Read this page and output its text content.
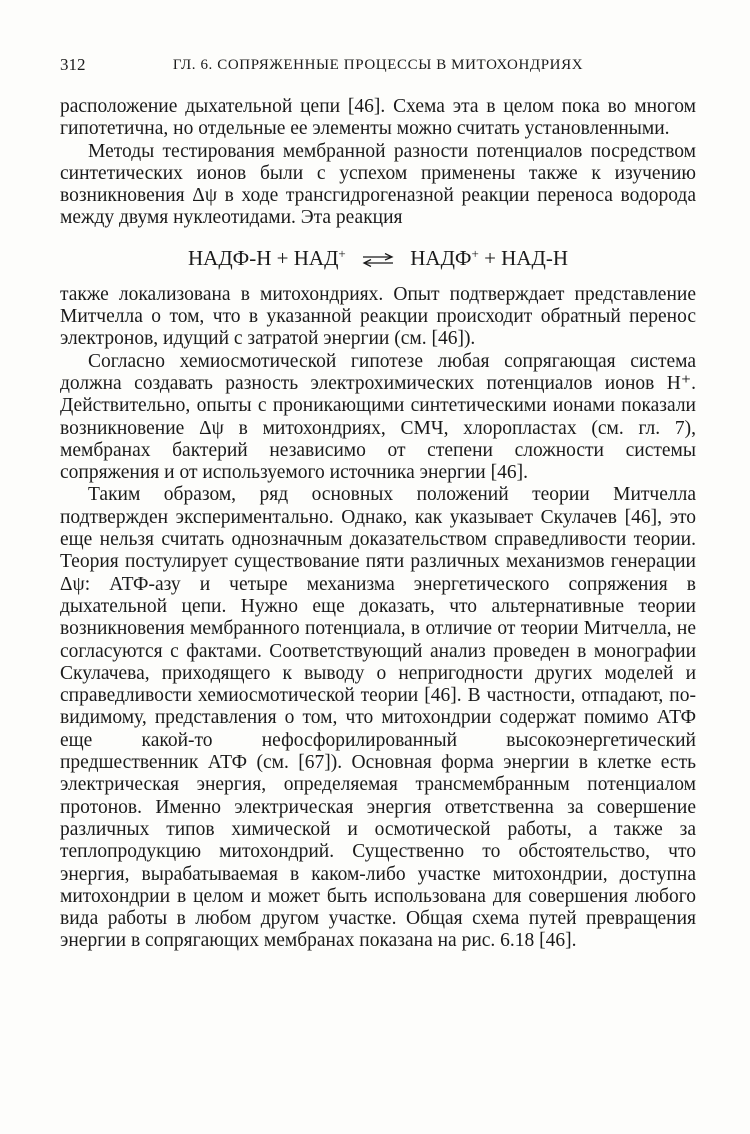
312	ГЛ. 6. СОПРЯЖЕННЫЕ ПРОЦЕССЫ В МИТОХОНДРИЯХ

расположение дыхательной цепи [46]. Схема эта в целом пока во многом гипотетична, но отдельные ее элементы можно считать установленными.

Методы тестирования мембранной разности потенциалов посредством синтетических ионов были с успехом применены также к изучению возникновения Δψ в ходе трансгидрогеназной реакции переноса водорода между двумя нуклеотидами. Эта реакция

НАДФ-Н + НАД+ ⇌ НАДФ+ + НАД-Н

также локализована в митохондриях. Опыт подтверждает представление Митчелла о том, что в указанной реакции происходит обратный перенос электронов, идущий с затратой энергии (см. [46]).

Согласно хемиосмотической гипотезе любая сопрягающая система должна создавать разность электрохимических потенциалов ионов H⁺. Действительно, опыты с проникающими синтетическими ионами показали возникновение Δψ в митохондриях, СМЧ, хлоропластах (см. гл. 7), мембранах бактерий независимо от степени сложности системы сопряжения и от используемого источника энергии [46].

Таким образом, ряд основных положений теории Митчелла подтвержден экспериментально. Однако, как указывает Скулачев [46], это еще нельзя считать однозначным доказательством справедливости теории. Теория постулирует существование пяти различных механизмов генерации Δψ: АТФ-азу и четыре механизма энергетического сопряжения в дыхательной цепи. Нужно еще доказать, что альтернативные теории возникновения мембранного потенциала, в отличие от теории Митчелла, не согласуются с фактами. Соответствующий анализ проведен в монографии Скулачева, приходящего к выводу о непригодности других моделей и справедливости хемиосмотической теории [46]. В частности, отпадают, по-видимому, представления о том, что митохондрии содержат помимо АТФ еще какой-то нефосфорилированный высокоэнергетический предшественник АТФ (см. [67]). Основная форма энергии в клетке есть электрическая энергия, определяемая трансмембранным потенциалом протонов. Именно электрическая энергия ответственна за совершение различных типов химической и осмотической работы, а также за теплопродукцию митохондрий. Существенно то обстоятельство, что энергия, вырабатываемая в каком-либо участке митохондрии, доступна митохондрии в целом и может быть использована для совершения любого вида работы в любом другом участке. Общая схема путей превращения энергии в сопрягающих мембранах показана на рис. 6.18 [46].
